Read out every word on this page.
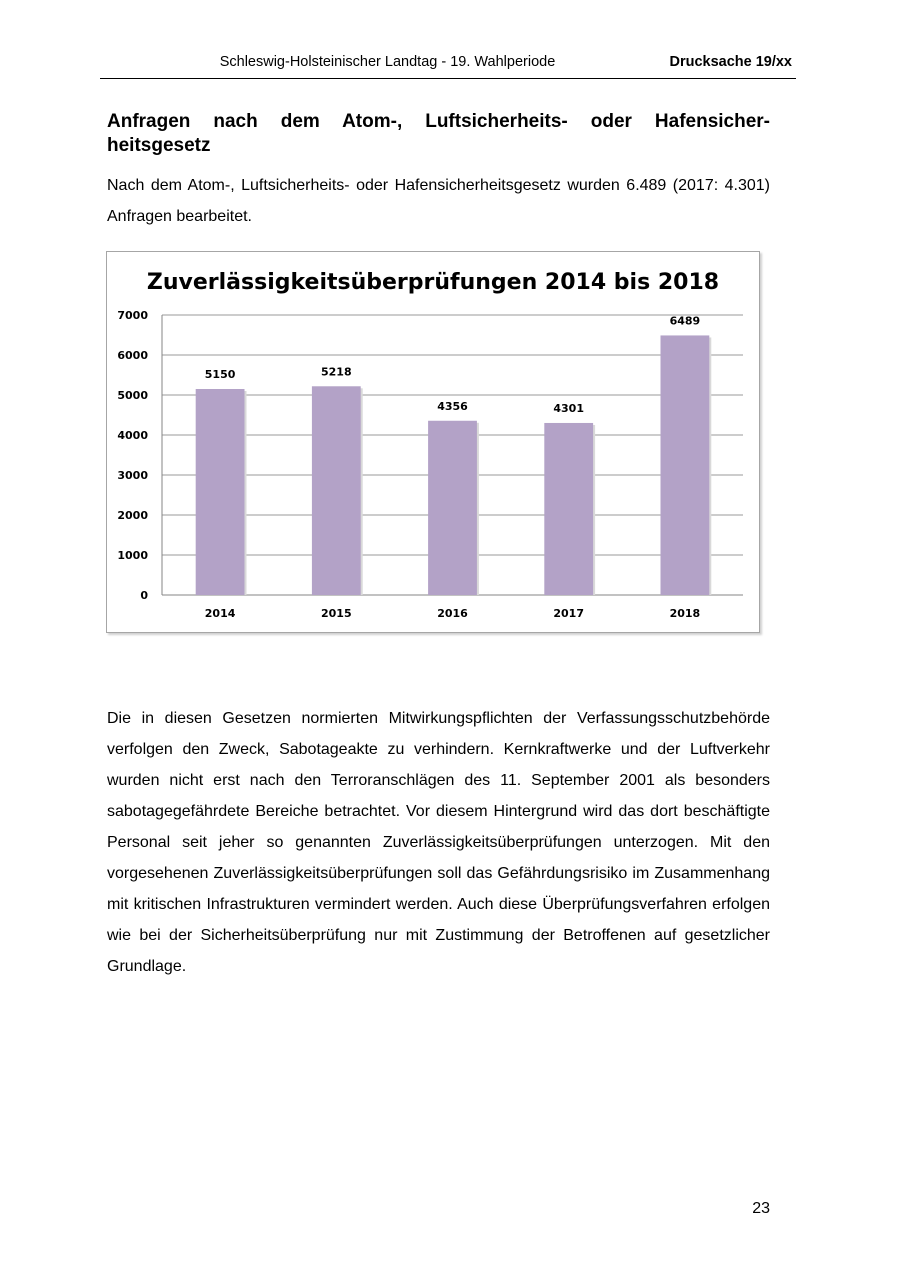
Schleswig-Holsteinischer Landtag - 19. Wahlperiode	Drucksache 19/xx
Anfragen nach dem Atom-, Luftsicherheits- oder Hafensicher-
heitsgesetz

Nach dem Atom-, Luftsicherheits- oder Hafensicherheitsgesetz wurden 6.489 (2017: 4.301) Anfragen bearbeitet.

Zuverlässigkeitsüberprüfungen 2014 bis 2018
0
1000
2000
3000
4000
5000
6000
7000
5150
2014
5218
2015
4356
2016
4301
2017
6489
2018

Die in diesen Gesetzen normierten Mitwirkungspflichten der Verfassungsschutzbehörde verfolgen den Zweck, Sabotageakte zu verhindern. Kernkraftwerke und der Luftverkehr wurden nicht erst nach den Terroranschlägen des 11. September 2001 als besonders sabotagegefährdete Bereiche betrachtet. Vor diesem Hintergrund wird das dort beschäftigte Personal seit jeher so genannten Zuverlässigkeitsüberprüfungen unterzogen. Mit den vorgesehenen Zuverlässigkeitsüberprüfungen soll das Gefährdungsrisiko im Zusammenhang mit kritischen Infrastrukturen vermindert werden. Auch diese Überprüfungsverfahren erfolgen wie bei der Sicherheitsüberprüfung nur mit Zustimmung der Betroffenen auf gesetzlicher Grundlage.

23
